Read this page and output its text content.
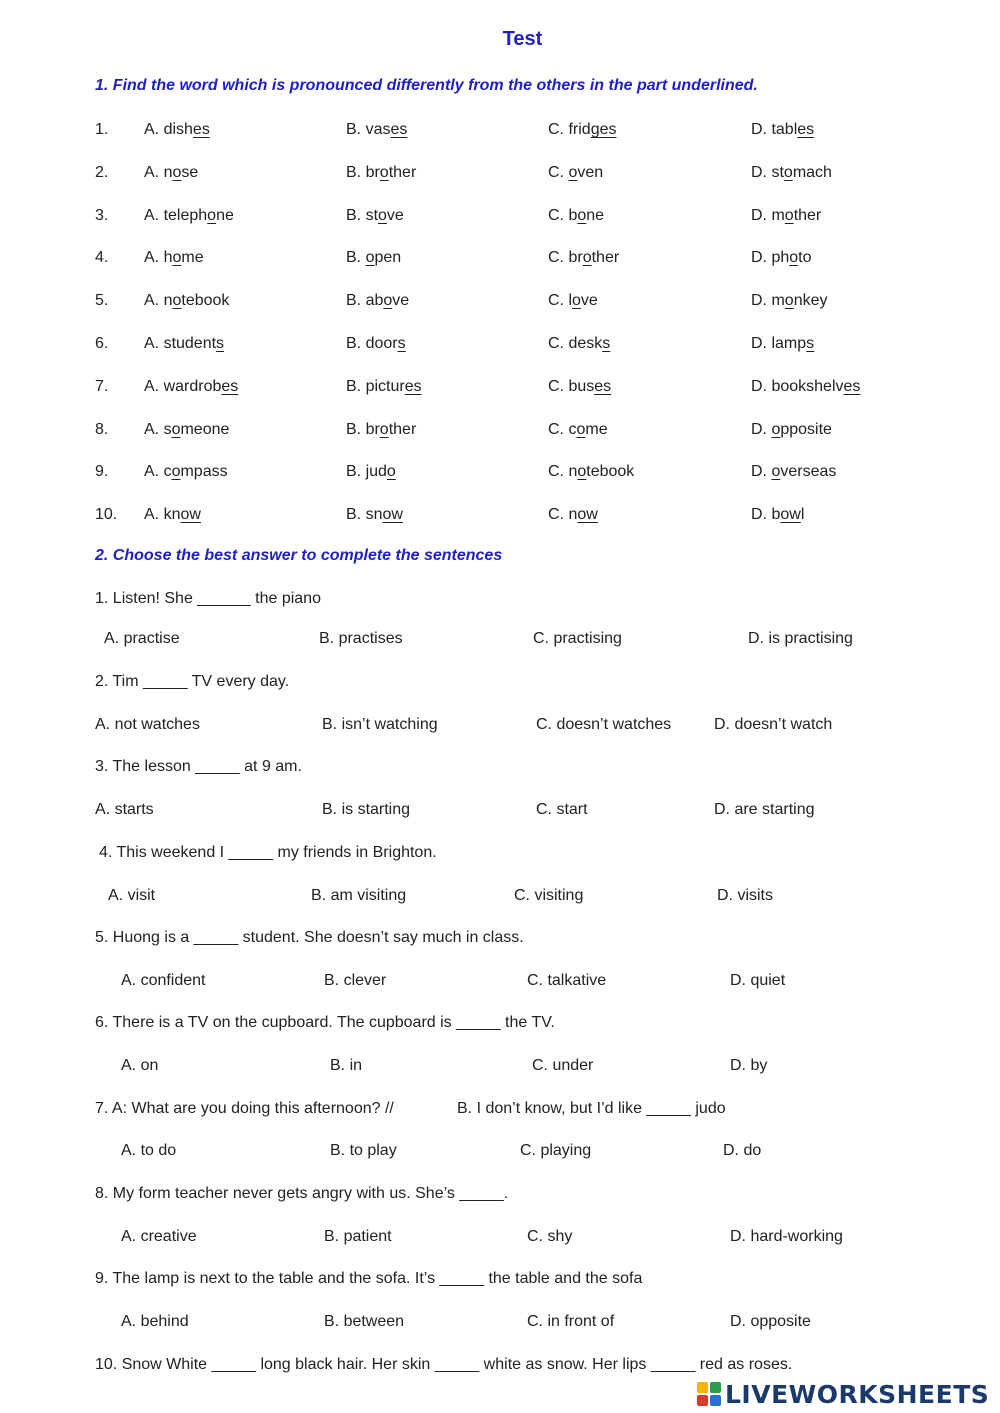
Test
1. Find the word which is pronounced differently from the others in the part underlined.
1. A. dishes	B. vases	C. fridges	D. tables
2. A. nose	B. brother	C. oven	D. stomach
3. A. telephone	B. stove	C. bone	D. mother
4. A. home	B. open	C. brother	D. photo
5. A. notebook	B. above	C. love	D. monkey
6. A. students	B. doors	C. desks	D. lamps
7. A. wardrobes	B. pictures	C. buses	D. bookshelves
8. A. someone	B. brother	C. come	D. opposite
9. A. compass	B. judo	C. notebook	D. overseas
10. A. know	B. snow	C. now	D. bowl
2. Choose the best answer to complete the sentences
1. Listen! She ______ the piano
A. practise	B. practises	C. practising	D. is practising
2. Tim _____ TV every day.
A. not watches	B. isn’t watching	C. doesn’t watches	D. doesn’t watch
3. The lesson _____ at 9 am.
A. starts	B. is starting	C. start	D. are starting
4. This weekend I _____ my friends in Brighton.
A. visit	B. am visiting	C. visiting	D. visits
5. Huong is a _____ student. She doesn’t say much in class.
A. confident	B. clever	C. talkative	D. quiet
6. There is a TV on the cupboard. The cupboard is _____ the TV.
A. on	B. in	C. under	D. by
7. A: What are you doing this afternoon? //	B. I don’t know, but I’d like _____ judo
A. to do	B. to play	C. playing	D. do
8. My form teacher never gets angry with us. She’s _____.
A. creative	B. patient	C. shy	D. hard-working
9. The lamp is next to the table and the sofa. It’s _____ the table and the sofa
A. behind	B. between	C. in front of	D. opposite
10. Snow White _____ long black hair. Her skin _____ white as snow. Her lips _____ red as roses.
LIVEWORKSHEETS
